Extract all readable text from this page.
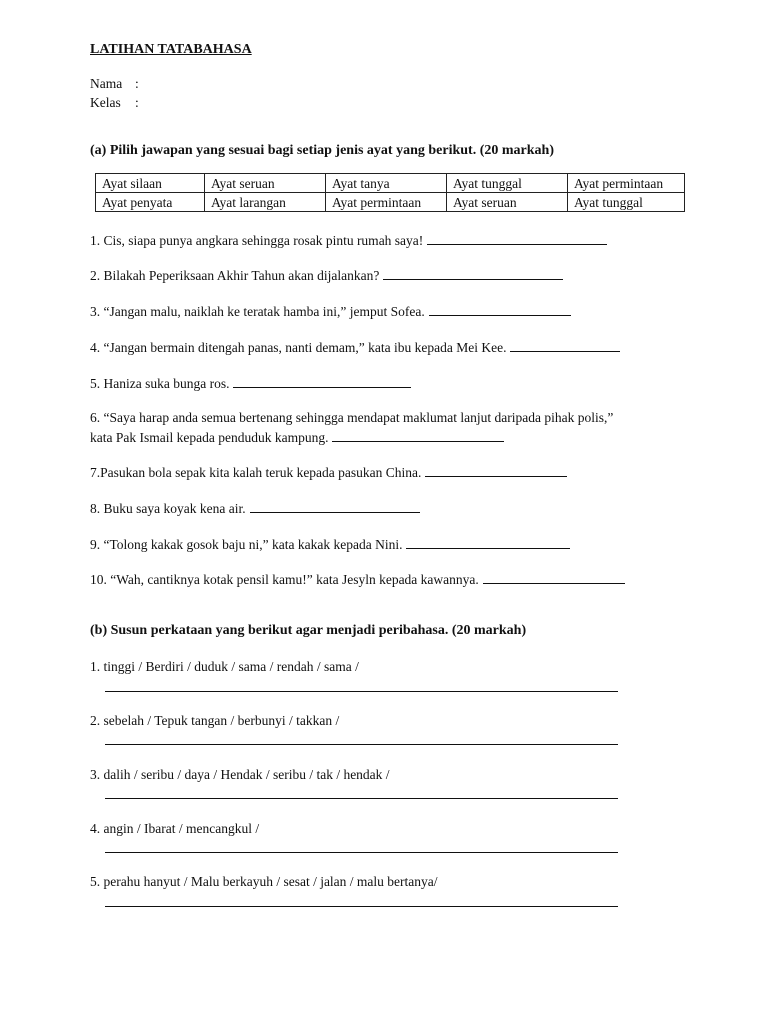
LATIHAN TATABAHASA
Nama :
Kelas :
(a) Pilih jawapan yang sesuai bagi setiap jenis ayat yang berikut. (20 markah)
Ayat silaan	Ayat seruan	Ayat tanya	Ayat tunggal	Ayat permintaan
Ayat penyata	Ayat larangan	Ayat permintaan	Ayat seruan	Ayat tunggal
1. Cis, siapa punya angkara sehingga rosak pintu rumah saya!
2. Bilakah Peperiksaan Akhir Tahun akan dijalankan?
3. “Jangan malu, naiklah ke teratak hamba ini,” jemput Sofea.
4. “Jangan bermain ditengah panas, nanti demam,” kata ibu kepada Mei Kee.
5. Haniza suka bunga ros.
6. “Saya harap anda semua bertenang sehingga mendapat maklumat lanjut daripada pihak polis,”
kata Pak Ismail kepada penduduk kampung.
7.Pasukan bola sepak kita kalah teruk kepada pasukan China.
8. Buku saya koyak kena air.
9. “Tolong kakak gosok baju ni,” kata kakak kepada Nini.
10. “Wah, cantiknya kotak pensil kamu!” kata Jesyln kepada kawannya.
(b) Susun perkataan yang berikut agar menjadi peribahasa. (20 markah)
1. tinggi / Berdiri / duduk / sama / rendah / sama /
2. sebelah / Tepuk tangan / berbunyi / takkan /
3. dalih / seribu / daya / Hendak / seribu / tak / hendak /
4. angin / Ibarat / mencangkul /
5. perahu hanyut / Malu berkayuh / sesat / jalan / malu bertanya/
